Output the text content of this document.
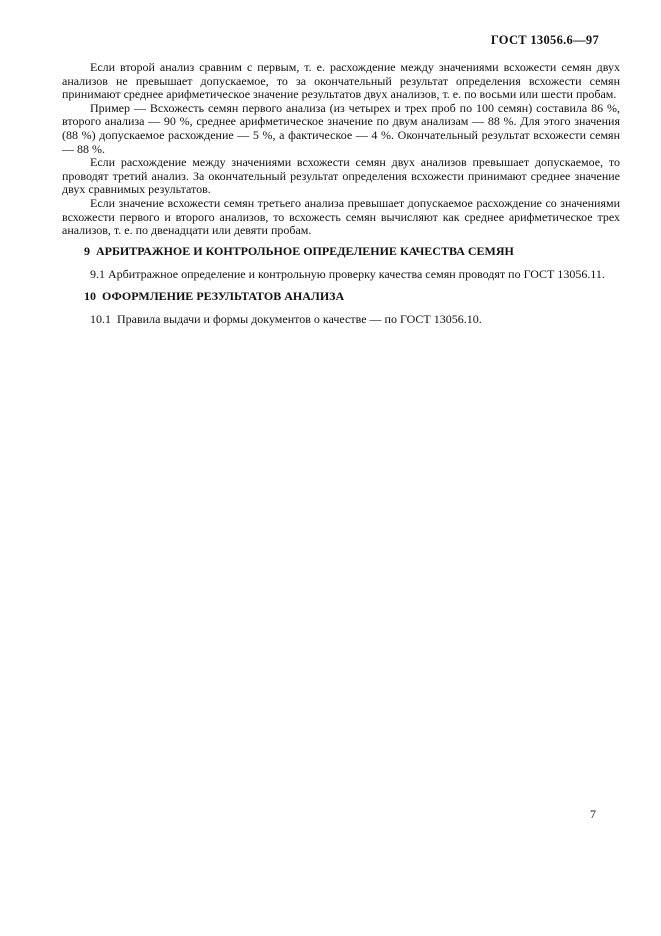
ГОСТ 13056.6—97

Если второй анализ сравним с первым, т. е. расхождение между значениями всхожести семян двух анализов не превышает допускаемое, то за окончательный результат определения всхожести семян принимают среднее арифметическое значение результатов двух анализов, т. е. по восьми или шести пробам.

Пример — Всхожесть семян первого анализа (из четырех и трех проб по 100 семян) составила 86 %, второго анализа — 90 %, среднее арифметическое значение по двум анализам — 88 %. Для этого значения (88 %) допускаемое расхождение — 5 %, а фактическое — 4 %. Окончательный результат всхожести семян — 88 %.

Если расхождение между значениями всхожести семян двух анализов превышает допускаемое, то проводят третий анализ. За окончательный результат определения всхожести принимают среднее значение двух сравнимых результатов.

Если значение всхожести семян третьего анализа превышает допускаемое расхождение со значениями всхожести первого и второго анализов, то всхожесть семян вычисляют как среднее арифметическое трех анализов, т. е. по двенадцати или девяти пробам.

9 АРБИТРАЖНОЕ И КОНТРОЛЬНОЕ ОПРЕДЕЛЕНИЕ КАЧЕСТВА СЕМЯН

9.1 Арбитражное определение и контрольную проверку качества семян проводят по ГОСТ 13056.11.

10 ОФОРМЛЕНИЕ РЕЗУЛЬТАТОВ АНАЛИЗА

10.1 Правила выдачи и формы документов о качестве — по ГОСТ 13056.10.

7
